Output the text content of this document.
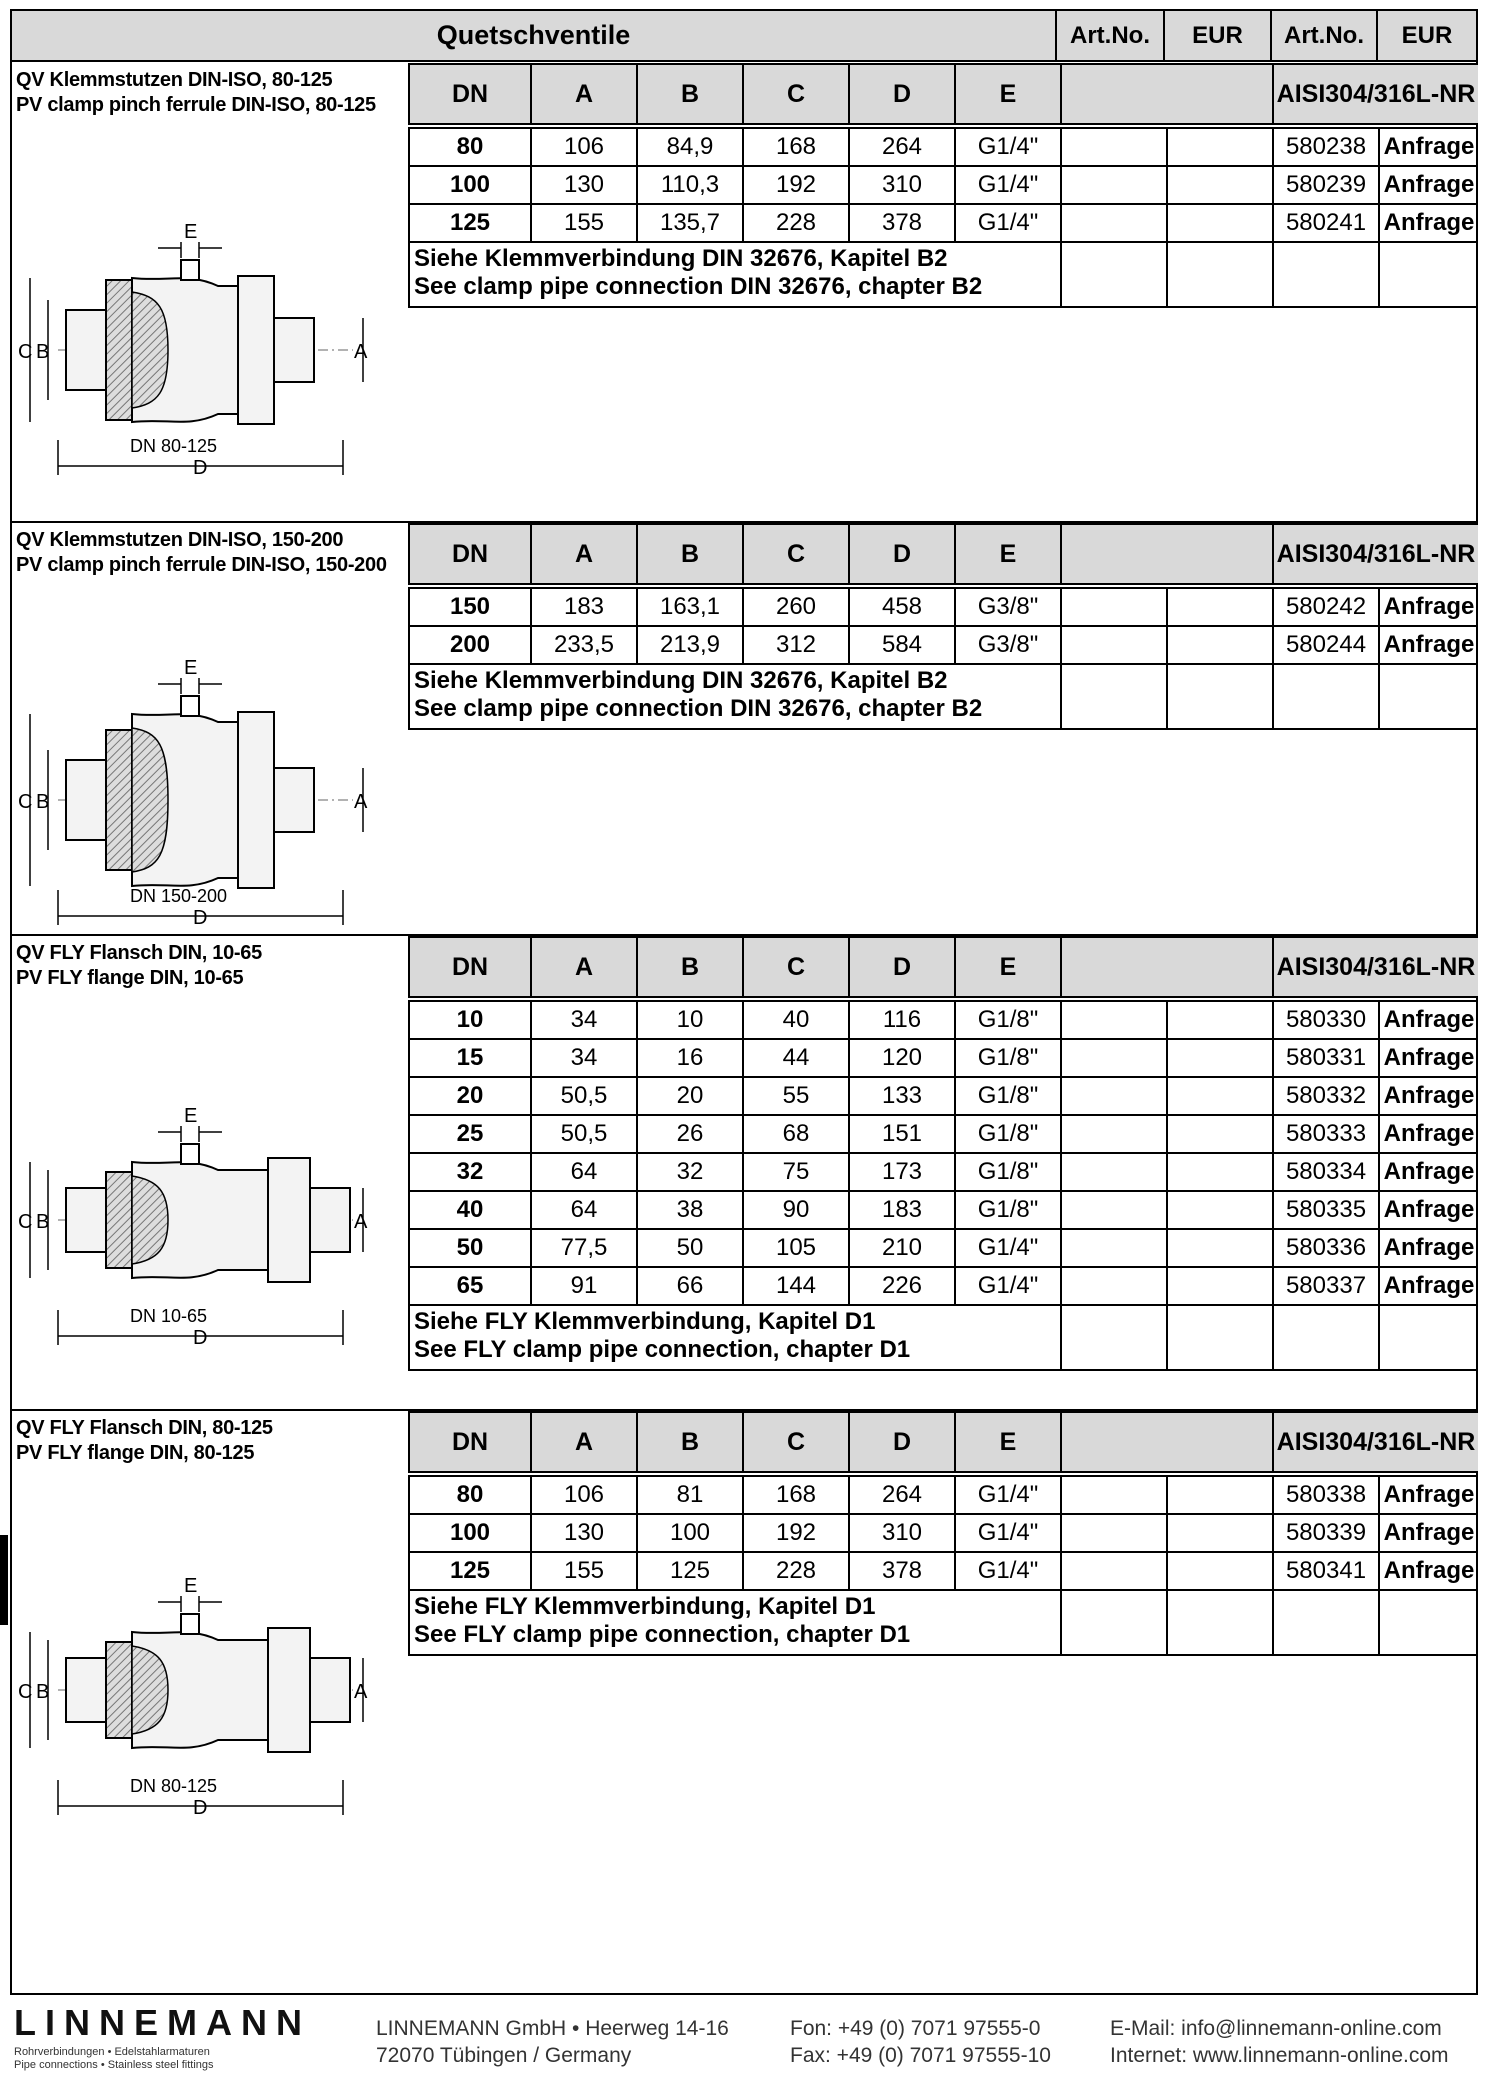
Quetschventile	Art.No.	EUR	Art.No.	EUR
QV Klemmstutzen DIN-ISO, 80-125
PV clamp pinch ferrule DIN-ISO, 80-125	DN	A	B	C	D	E	AISI304/316L-NR
80	106	84,9	168	264	G1/4"	580238 Anfrage
100	130	110,3	192	310	G1/4"	580239 Anfrage
125	155	135,7	228	378	G1/4"	580241 Anfrage
Siehe Klemmverbindung DIN 32676, Kapitel B2
See clamp pipe connection DIN 32676, chapter B2
E
C B	A
D
DN 80-125
QV Klemmstutzen DIN-ISO, 150-200
PV clamp pinch ferrule DIN-ISO, 150-200	DN	A	B	C	D	E	AISI304/316L-NR
150	183	163,1	260	458	G3/8"	580242 Anfrage
200	233,5	213,9	312	584	G3/8"	580244 Anfrage
Siehe Klemmverbindung DIN 32676, Kapitel B2
See clamp pipe connection DIN 32676, chapter B2
E
C B	A
D
DN 150-200
QV FLY Flansch DIN, 10-65
PV FLY flange DIN, 10-65	DN	A	B	C	D	E	AISI304/316L-NR
10	34	10	40	116	G1/8"	580330 Anfrage
15	34	16	44	120	G1/8"	580331 Anfrage
20	50,5	20	55	133	G1/8"	580332 Anfrage
25	50,5	26	68	151	G1/8"	580333 Anfrage
32	64	32	75	173	G1/8"	580334 Anfrage
40	64	38	90	183	G1/8"	580335 Anfrage
50	77,5	50	105	210	G1/4"	580336 Anfrage
65	91	66	144	226	G1/4"	580337 Anfrage
Siehe FLY Klemmverbindung, Kapitel D1
See FLY clamp pipe connection, chapter D1
E
C B	A
D
DN 10-65
QV FLY Flansch DIN, 80-125
PV FLY flange DIN, 80-125	DN	A	B	C	D	E	AISI304/316L-NR
80	106	81	168	264	G1/4"	580338 Anfrage
100	130	100	192	310	G1/4"	580339 Anfrage
125	155	125	228	378	G1/4"	580341 Anfrage
Siehe FLY Klemmverbindung, Kapitel D1
See FLY clamp pipe connection, chapter D1
E
C B	A
D
DN 80-125
LINNEMANN
Rohrverbindungen • Edelstahlarmaturen
Pipe connections • Stainless steel fittings
LINNEMANN GmbH • Heerweg 14-16
72070 Tübingen / Germany
Fon: +49 (0) 7071 97555-0
Fax: +49 (0) 7071 97555-10
E-Mail: info@linnemann-online.com
Internet: www.linnemann-online.com
